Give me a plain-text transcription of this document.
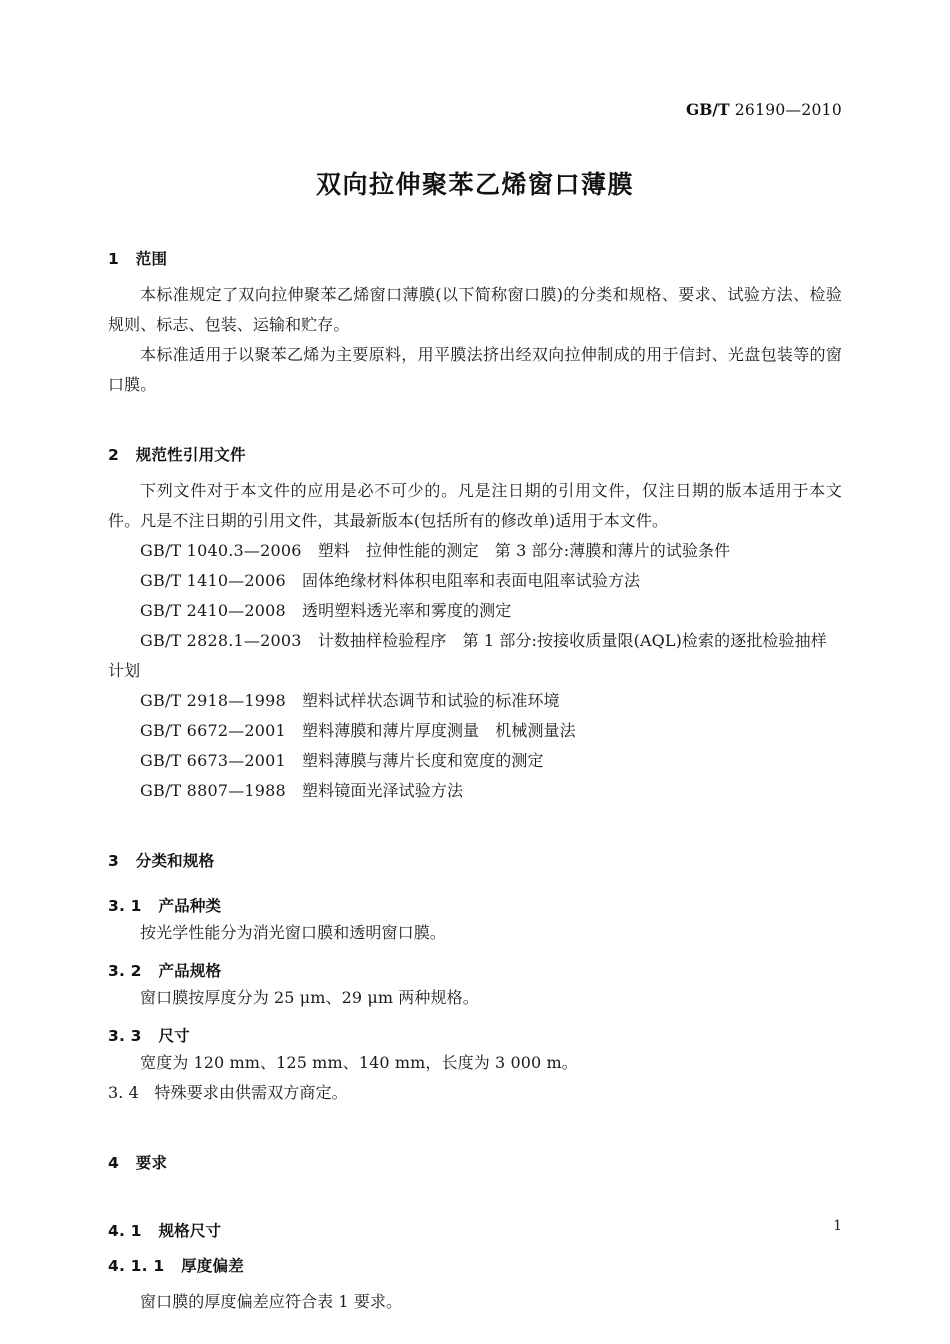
GB/T 26190—2010
双向拉伸聚苯乙烯窗口薄膜
1   范围

本标准规定了双向拉伸聚苯乙烯窗口薄膜(以下简称窗口膜)的分类和规格、要求、试验方法、检验规则、标志、包装、运输和贮存。

本标准适用于以聚苯乙烯为主要原料，用平膜法挤出经双向拉伸制成的用于信封、光盘包装等的窗口膜。

2   规范性引用文件

下列文件对于本文件的应用是必不可少的。凡是注日期的引用文件，仅注日期的版本适用于本文件。凡是不注日期的引用文件，其最新版本(包括所有的修改单)适用于本文件。

GB/T 1040.3—2006　 塑料　拉伸性能的测定　第 3 部分:薄膜和薄片的试验条件

GB/T 1410—2006　 固体绝缘材料体积电阻率和表面电阻率试验方法

GB/T 2410—2008　 透明塑料透光率和雾度的测定

GB/T 2828.1—2003　 计数抽样检验程序　第 1 部分:按接收质量限(AQL)检索的逐批检验抽样

计划

GB/T 2918—1998　 塑料试样状态调节和试验的标准环境

GB/T 6672—2001　 塑料薄膜和薄片厚度测量　机械测量法

GB/T 6673—2001　 塑料薄膜与薄片长度和宽度的测定

GB/T 8807—1988　 塑料镜面光泽试验方法

3   分类和规格
3. 1   产品种类

按光学性能分为消光窗口膜和透明窗口膜。

3. 2   产品规格

窗口膜按厚度分为 25 μm、29 μm 两种规格。

3. 3   尺寸

宽度为 120 mm、125 mm、140 mm，长度为 3 000 m。

3. 4   特殊要求由供需双方商定。

4   要求
4. 1   规格尺寸
4. 1. 1   厚度偏差

窗口膜的厚度偏差应符合表 1 要求。

1
